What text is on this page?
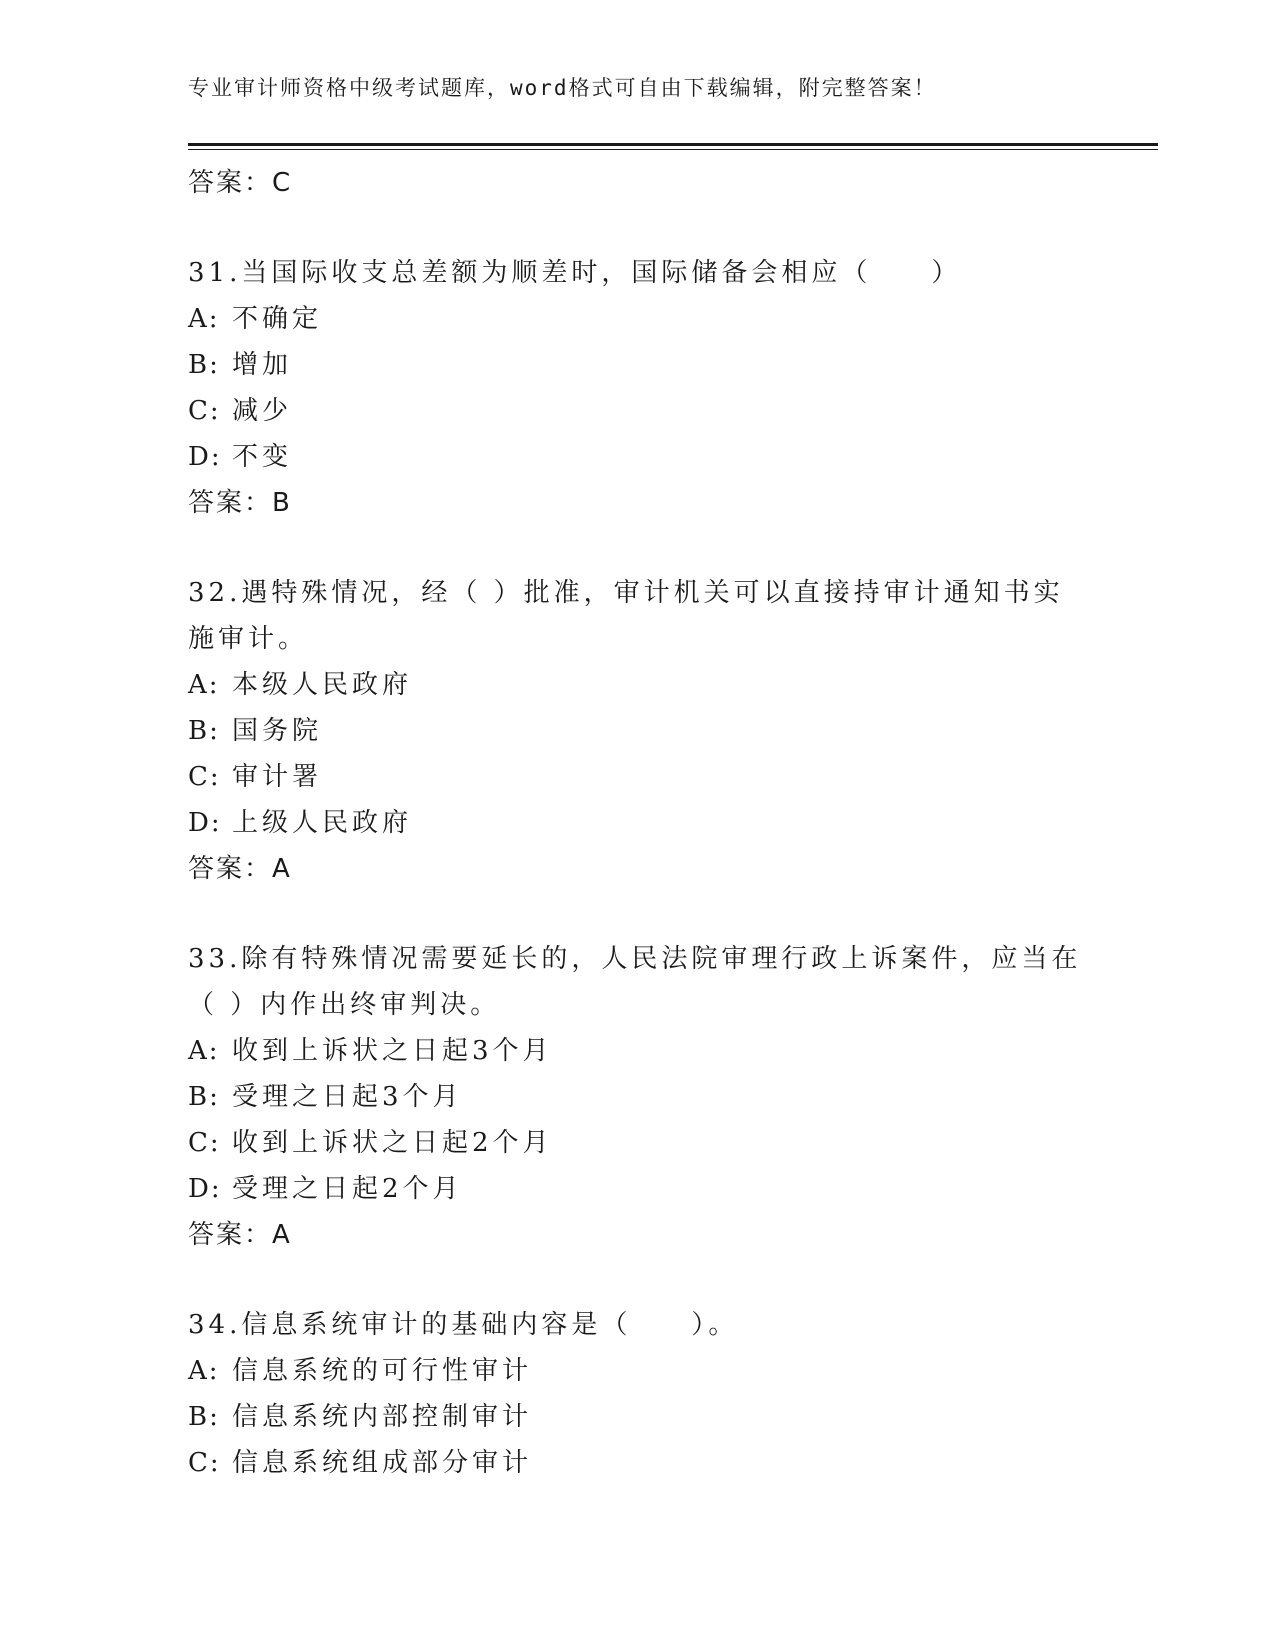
专业审计师资格中级考试题库，word格式可自由下载编辑，附完整答案！
答案：C

31.当国际收支总差额为顺差时，国际储备会相应（　　）

A: 不确定
B: 增加
C: 减少
D: 不变
答案：B

32.遇特殊情况，经（ ）批准，审计机关可以直接持审计通知书实施审计。

A: 本级人民政府
B: 国务院
C: 审计署
D: 上级人民政府
答案：A

33.除有特殊情况需要延长的，人民法院审理行政上诉案件，应当在（ ）内作出终审判决。

A: 收到上诉状之日起3个月
B: 受理之日起3个月
C: 收到上诉状之日起2个月
D: 受理之日起2个月
答案：A

34.信息系统审计的基础内容是（　　）。

A: 信息系统的可行性审计
B: 信息系统内部控制审计
C: 信息系统组成部分审计
